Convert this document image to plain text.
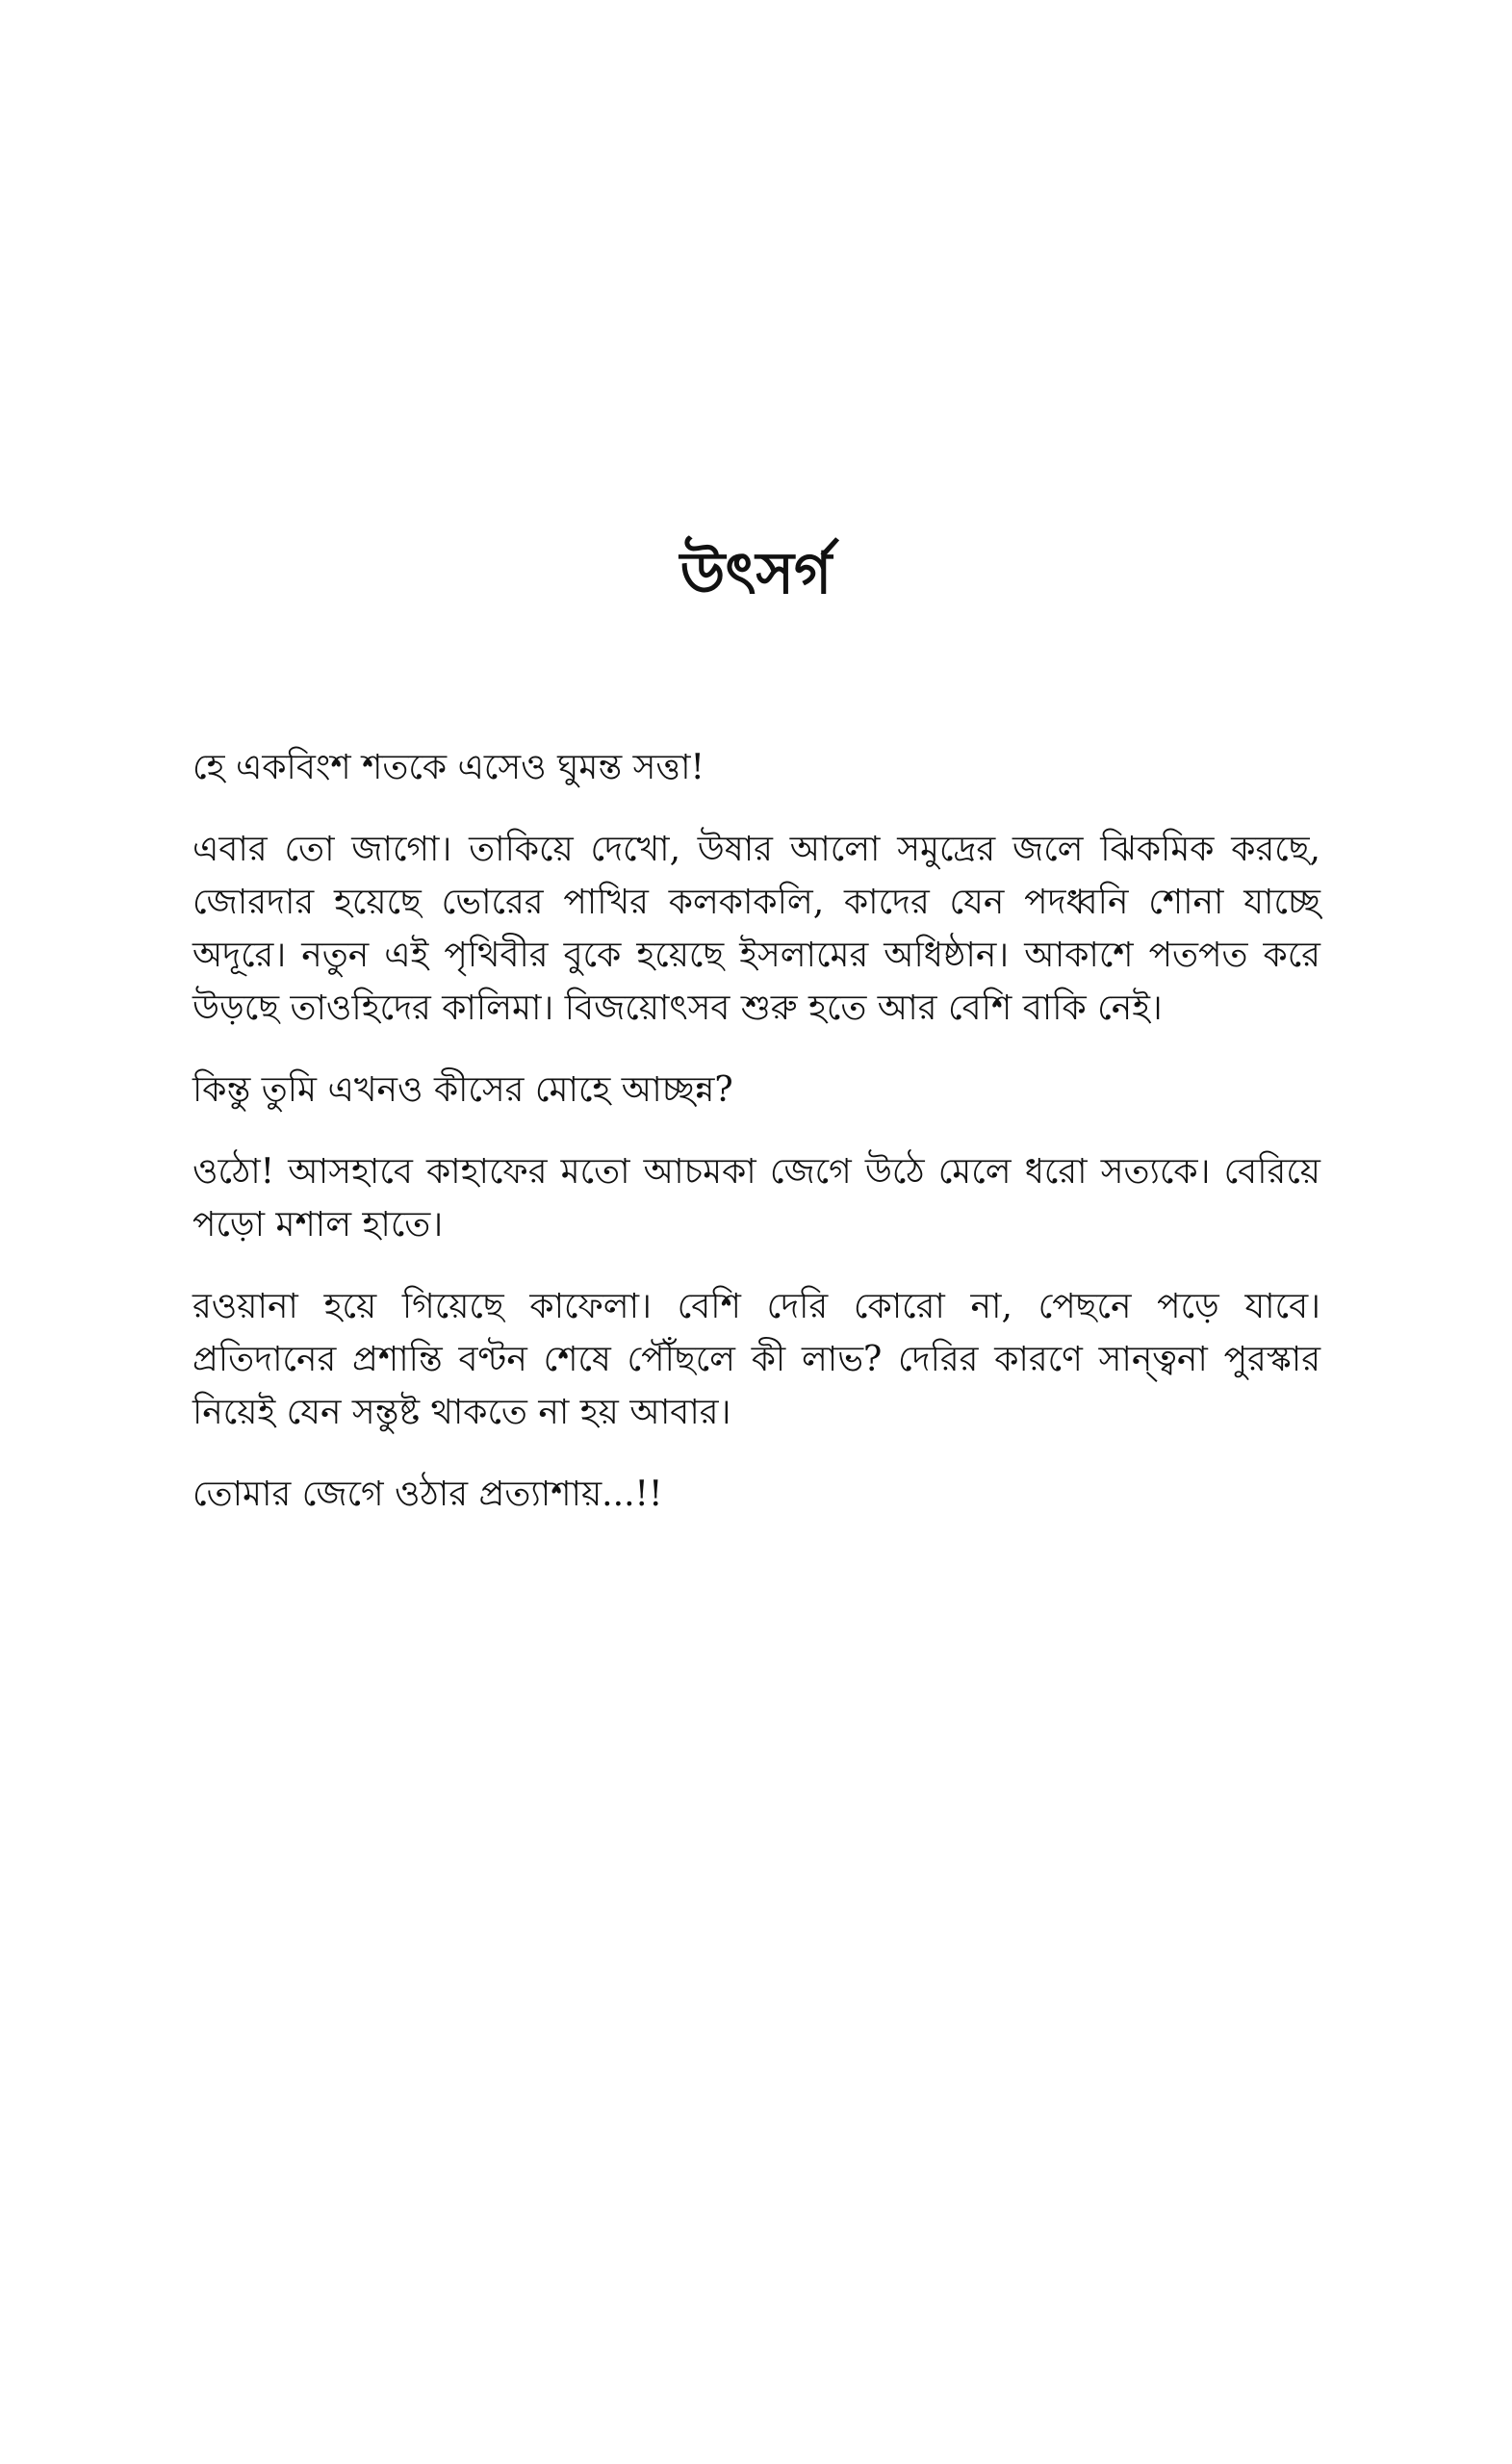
উৎসর্গ

হে একবিংশ শতকে এসেও ঘুমন্ত সত্তা!

এবার তো জাগো। তাকিয়ে দেখো, উষার আলো সমুদ্রের জলে ঝিকমিক করছে, জোরদার হয়েছে ভোরের পাখির কলকাকলি, কাদের যেন পদধ্বনি শোনা যাচ্ছে অদূরে। নতুন এই পৃথিবীর বুকে হয়েছে ইসলামের অধিষ্ঠান। আকাশে পতপত করে উড়ছে তাওহিদের কালিমা। বিজয়োৎসব শুরু হতে আর বেশি বাকি নেই।

কিন্তু তুমি এখনও কীসের মোহে আচ্ছন্ন?

ওঠো! আসহাবে কাহাফের মতো আচমকা জেগে উঠে মেলে ধরো সত্যকে। বেরিয়ে পড়ো মশাল হাতে।

রওয়ানা হয়ে গিয়েছে কাফেলা। বেশি দেরি কোরো না, পেছনে পড়ে যাবে। প্রতিদানের প্রশান্তি বণ্টন শেষে পৌঁছলে কী লাভ? দেরির কারণে সান্ত্বনা পুরস্কার নিয়েই যেন সন্তুষ্ট থাকতে না হয় আবার।

তোমার জেগে ওঠার প্রত্যাশায়...!!
